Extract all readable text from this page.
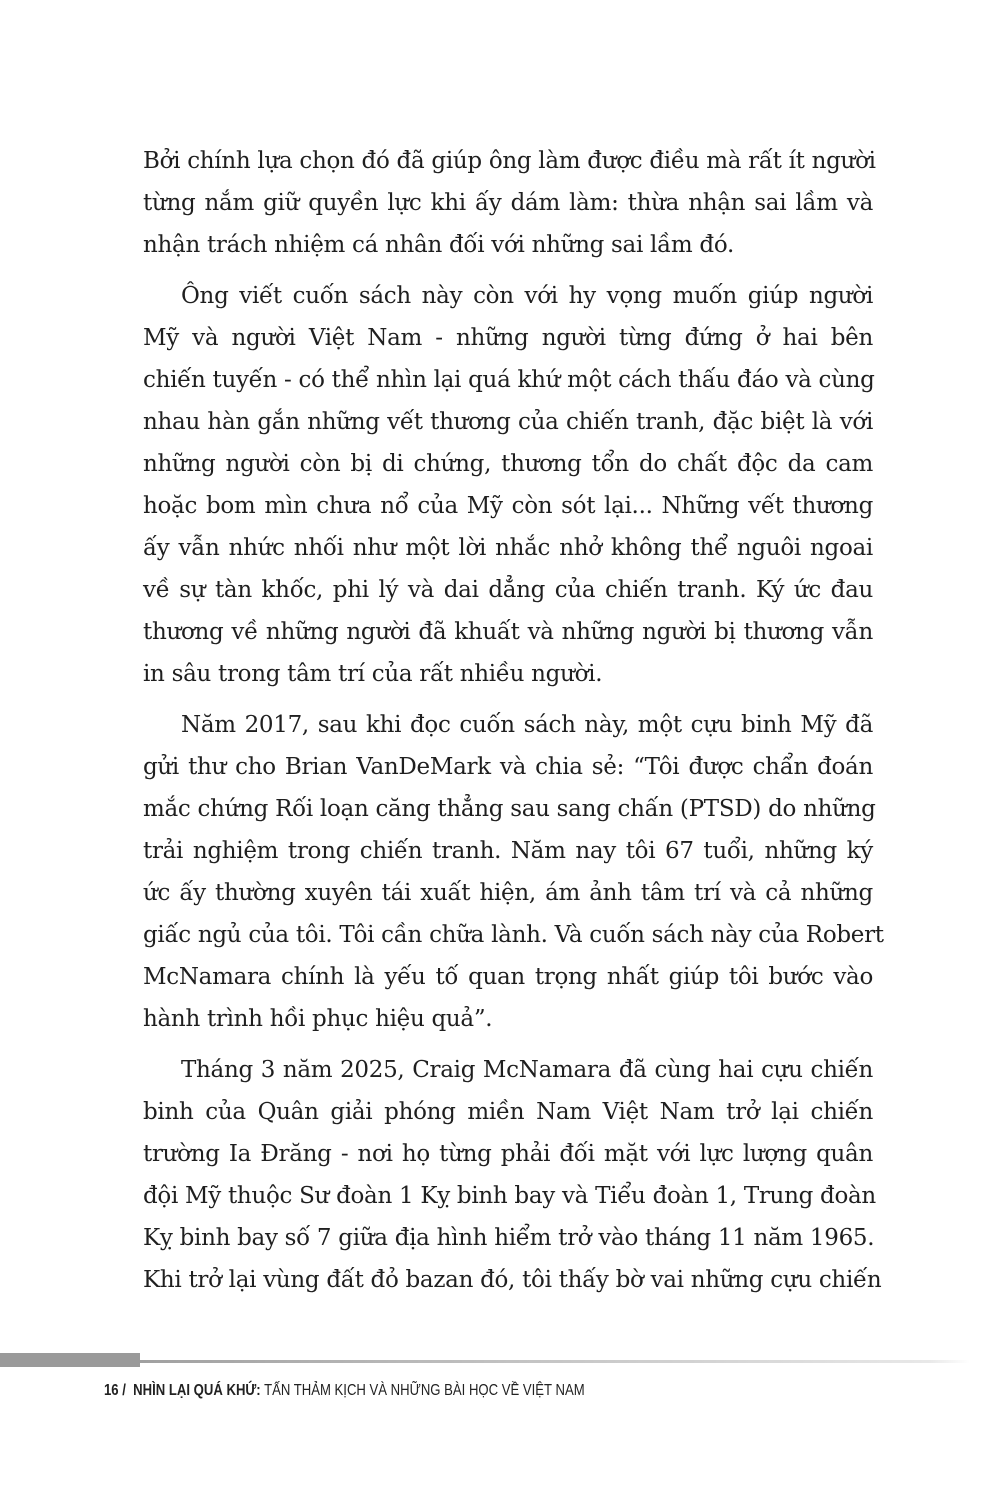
Bởi chính lựa chọn đó đã giúp ông làm được điều mà rất ít người
từng nắm giữ quyền lực khi ấy dám làm: thừa nhận sai lầm và
nhận trách nhiệm cá nhân đối với những sai lầm đó.
Ông viết cuốn sách này còn với hy vọng muốn giúp người
Mỹ và người Việt Nam - những người từng đứng ở hai bên
chiến tuyến - có thể nhìn lại quá khứ một cách thấu đáo và cùng
nhau hàn gắn những vết thương của chiến tranh, đặc biệt là với
những người còn bị di chứng, thương tổn do chất độc da cam
hoặc bom mìn chưa nổ của Mỹ còn sót lại... Những vết thương
ấy vẫn nhức nhối như một lời nhắc nhở không thể nguôi ngoai
về sự tàn khốc, phi lý và dai dẳng của chiến tranh. Ký ức đau
thương về những người đã khuất và những người bị thương vẫn
in sâu trong tâm trí của rất nhiều người.
Năm 2017, sau khi đọc cuốn sách này, một cựu binh Mỹ đã
gửi thư cho Brian VanDeMark và chia sẻ: “Tôi được chẩn đoán
mắc chứng Rối loạn căng thẳng sau sang chấn (PTSD) do những
trải nghiệm trong chiến tranh. Năm nay tôi 67 tuổi, những ký
ức ấy thường xuyên tái xuất hiện, ám ảnh tâm trí và cả những
giấc ngủ của tôi. Tôi cần chữa lành. Và cuốn sách này của Robert
McNamara chính là yếu tố quan trọng nhất giúp tôi bước vào
hành trình hồi phục hiệu quả”.
Tháng 3 năm 2025, Craig McNamara đã cùng hai cựu chiến
binh của Quân giải phóng miền Nam Việt Nam trở lại chiến
trường Ia Đrăng - nơi họ từng phải đối mặt với lực lượng quân
đội Mỹ thuộc Sư đoàn 1 Kỵ binh bay và Tiểu đoàn 1, Trung đoàn
Kỵ binh bay số 7 giữa địa hình hiểm trở vào tháng 11 năm 1965.
Khi trở lại vùng đất đỏ bazan đó, tôi thấy bờ vai những cựu chiến
16 / NHÌN LẠI QUÁ KHỨ: TẤN THẢM KỊCH VÀ NHỮNG BÀI HỌC VỀ VIỆT NAM
